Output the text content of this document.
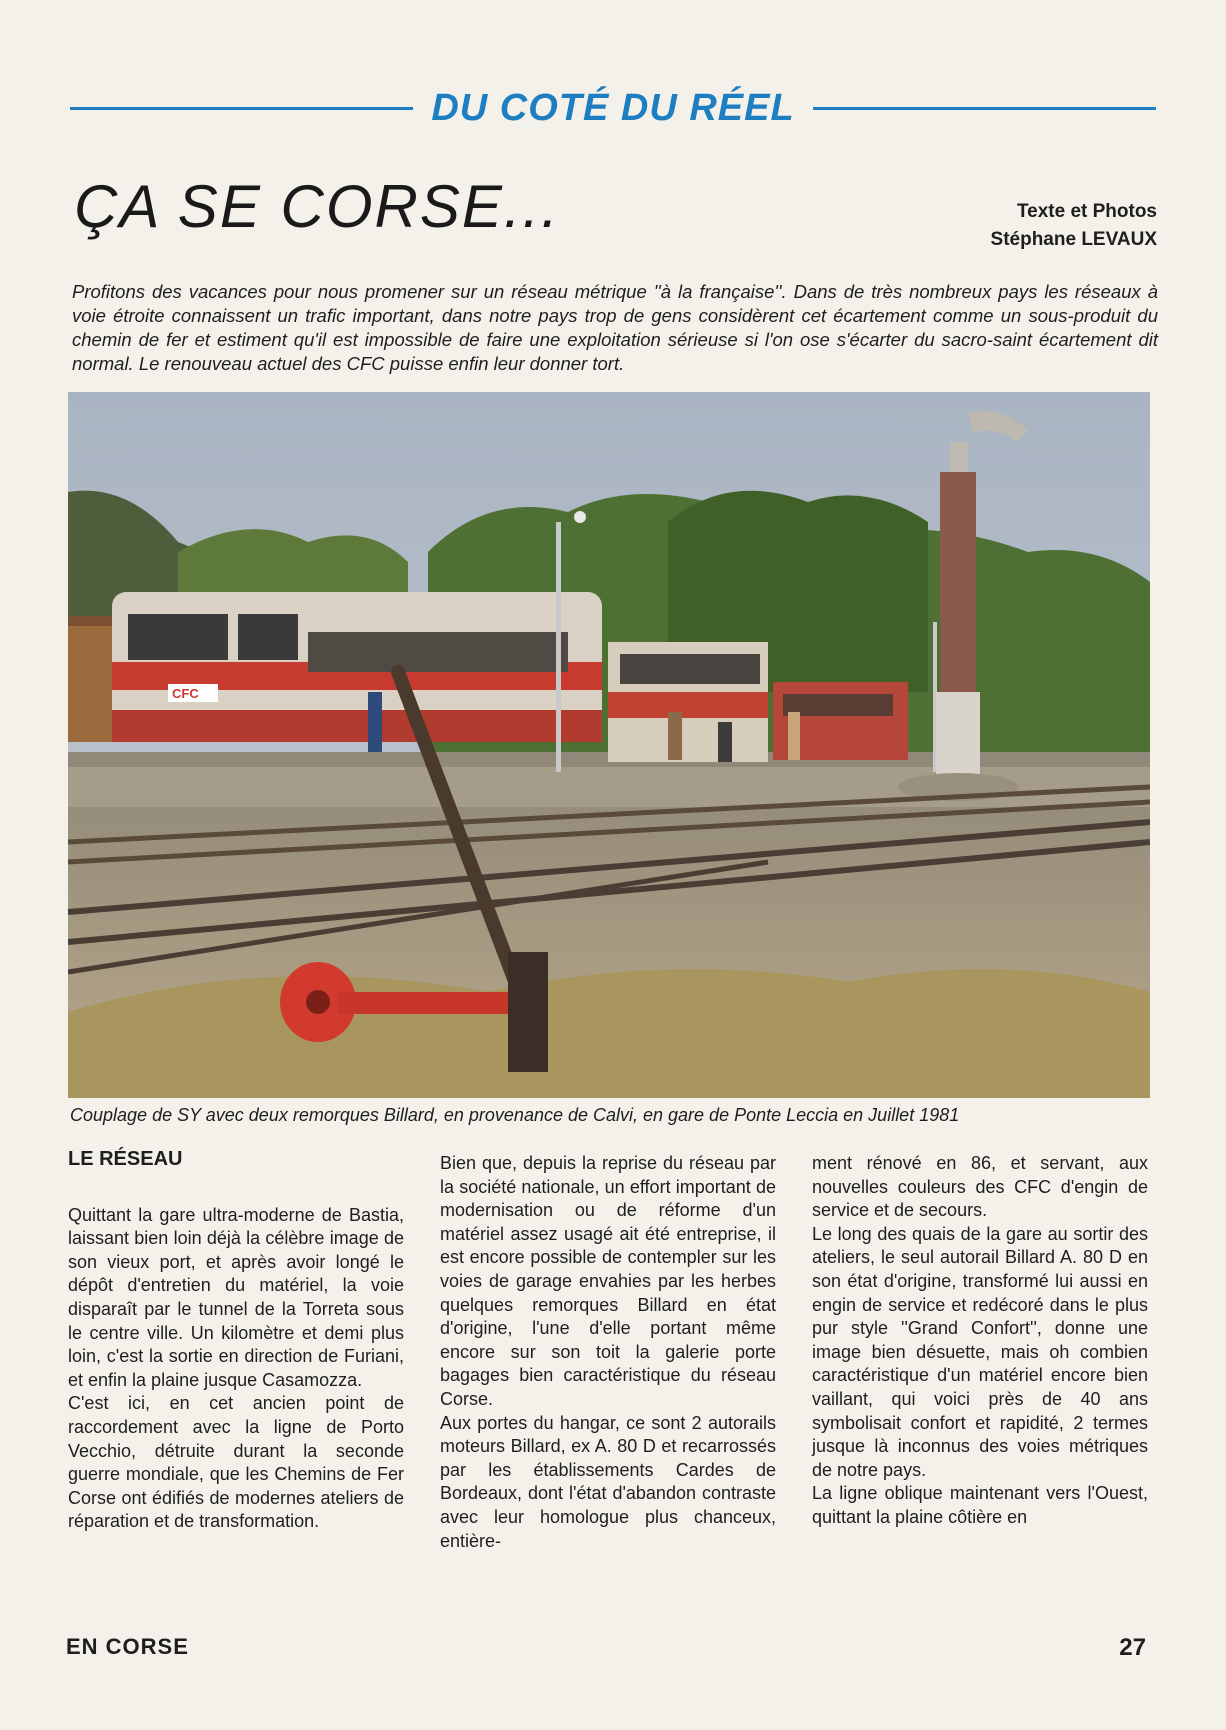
DU COTÉ DU RÉEL
ÇA SE CORSE...	Texte et Photos
Stéphane LEVAUX

Profitons des vacances pour nous promener sur un réseau métrique ''à la française''. Dans de très nombreux pays les réseaux à voie étroite connaissent un trafic important, dans notre pays trop de gens considèrent cet écartement comme un sous-produit du chemin de fer et estiment qu'il est impossible de faire une exploitation sérieuse si l'on ose s'écarter du sacro-saint écartement dit normal. Le renouveau actuel des CFC puisse enfin leur donner tort.

CFC
Couplage de SY avec deux remorques Billard, en provenance de Calvi, en gare de Ponte Leccia en Juillet 1981
LE RÉSEAU

Quittant la gare ultra-moderne de Bastia, laissant bien loin déjà la célèbre image de son vieux port, et après avoir longé le dépôt d'entretien du matériel, la voie disparaît par le tunnel de la Torreta sous le centre ville. Un kilomètre et demi plus loin, c'est la sortie en direction de Furiani, et enfin la plaine jusque Casamozza.

C'est ici, en cet ancien point de raccordement avec la ligne de Porto Vecchio, détruite durant la seconde guerre mondiale, que les Chemins de Fer Corse ont édifiés de modernes ateliers de réparation et de transformation.

Bien que, depuis la reprise du réseau par la société nationale, un effort important de modernisation ou de réforme d'un matériel assez usagé ait été entreprise, il est encore possible de contempler sur les voies de garage envahies par les herbes quelques remorques Billard en état d'origine, l'une d'elle portant même encore sur son toit la galerie porte bagages bien caractéristique du réseau Corse.

Aux portes du hangar, ce sont 2 autorails moteurs Billard, ex A. 80 D et recarrossés par les établissements Cardes de Bordeaux, dont l'état d'abandon contraste avec leur homologue plus chanceux, entière-

ment rénové en 86, et servant, aux nouvelles couleurs des CFC d'engin de service et de secours.

Le long des quais de la gare au sortir des ateliers, le seul autorail Billard A. 80 D en son état d'origine, transformé lui aussi en engin de service et redécoré dans le plus pur style ''Grand Confort'', donne une image bien désuette, mais oh combien caractéristique d'un matériel encore bien vaillant, qui voici près de 40 ans symbolisait confort et rapidité, 2 termes jusque là inconnus des voies métriques de notre pays.

La ligne oblique maintenant vers l'Ouest, quittant la plaine côtière en

EN CORSE	27
